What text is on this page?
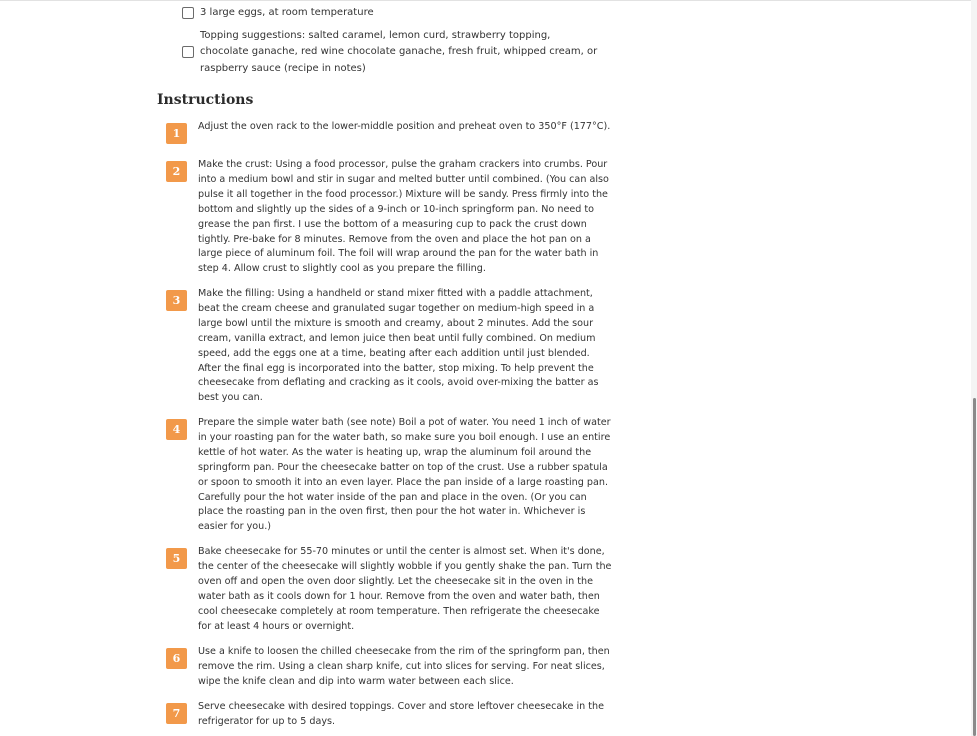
3 large eggs, at room temperature
Topping suggestions: salted caramel, lemon curd, strawberry topping, chocolate ganache, red wine chocolate ganache, fresh fruit, whipped cream, or raspberry sauce (recipe in notes)
Instructions
1
Adjust the oven rack to the lower-middle position and preheat oven to 350°F (177°C).
2
Make the crust: Using a food processor, pulse the graham crackers into crumbs. Pour into a medium bowl and stir in sugar and melted butter until combined. (You can also pulse it all together in the food processor.) Mixture will be sandy. Press firmly into the bottom and slightly up the sides of a 9-inch or 10-inch springform pan. No need to grease the pan first. I use the bottom of a measuring cup to pack the crust down tightly. Pre-bake for 8 minutes. Remove from the oven and place the hot pan on a large piece of aluminum foil. The foil will wrap around the pan for the water bath in step 4. Allow crust to slightly cool as you prepare the filling.
3
Make the filling: Using a handheld or stand mixer fitted with a paddle attachment, beat the cream cheese and granulated sugar together on medium-high speed in a large bowl until the mixture is smooth and creamy, about 2 minutes. Add the sour cream, vanilla extract, and lemon juice then beat until fully combined. On medium speed, add the eggs one at a time, beating after each addition until just blended. After the final egg is incorporated into the batter, stop mixing. To help prevent the cheesecake from deflating and cracking as it cools, avoid over-mixing the batter as best you can.
4
Prepare the simple water bath (see note) Boil a pot of water. You need 1 inch of water in your roasting pan for the water bath, so make sure you boil enough. I use an entire kettle of hot water. As the water is heating up, wrap the aluminum foil around the springform pan. Pour the cheesecake batter on top of the crust. Use a rubber spatula or spoon to smooth it into an even layer. Place the pan inside of a large roasting pan. Carefully pour the hot water inside of the pan and place in the oven. (Or you can place the roasting pan in the oven first, then pour the hot water in. Whichever is easier for you.)
5
Bake cheesecake for 55-70 minutes or until the center is almost set. When it's done, the center of the cheesecake will slightly wobble if you gently shake the pan. Turn the oven off and open the oven door slightly. Let the cheesecake sit in the oven in the water bath as it cools down for 1 hour. Remove from the oven and water bath, then cool cheesecake completely at room temperature. Then refrigerate the cheesecake for at least 4 hours or overnight.
6
Use a knife to loosen the chilled cheesecake from the rim of the springform pan, then remove the rim. Using a clean sharp knife, cut into slices for serving. For neat slices, wipe the knife clean and dip into warm water between each slice.
7
Serve cheesecake with desired toppings. Cover and store leftover cheesecake in the refrigerator for up to 5 days.
